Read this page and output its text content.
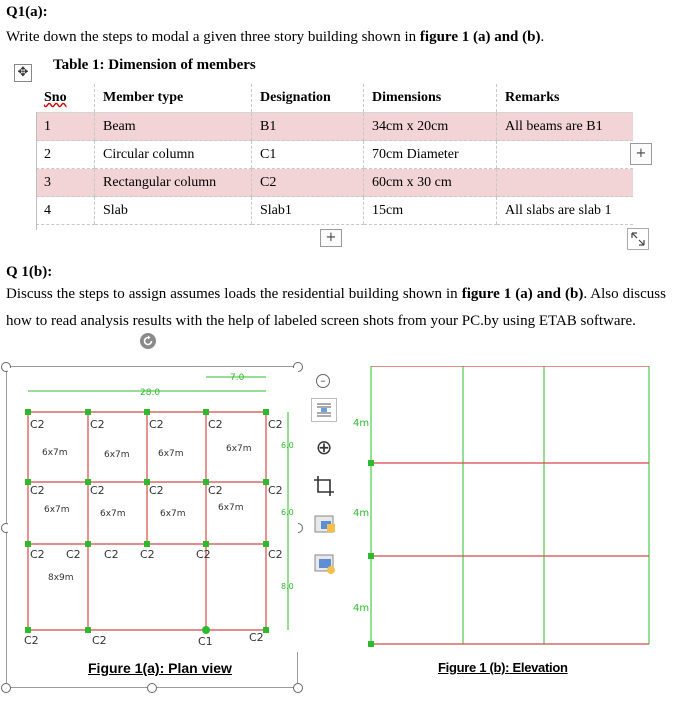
Q1(a):
Write down the steps to modal a given three story building shown in figure 1 (a) and (b).
✥ Table 1: Dimension of members
Sno	Member type	Designation	Dimensions	Remarks
1	Beam	B1	34cm x 20cm	All beams are B1
2	Circular column	C1	70cm Diameter	
3	Rectangular column	C2	60cm x 30 cm	
4	Slab	Slab1	15cm	All slabs are slab 1
+
+
Q 1(b):
Discuss the steps to assign assumes loads the residential building shown in figure 1 (a) and (b). Also discuss how to read analysis results with the help of labeled screen shots from your PC.by using ETAB software.
28.0
7.0
6.0
6.0
8.0
C2	C2	C2	C2	C2
C2	C2	C2	C2	C2
C2 C2 C2 C2	C2	C2
C2	C2	C1	C2
6x7m	6x7m	6x7m	6x7m
6x7m	6x7m	6x7m
6x7m
8x9m
Figure 1(a): Plan view
–
⊕
4m
4m
4m
Figure 1 (b): Elevation
